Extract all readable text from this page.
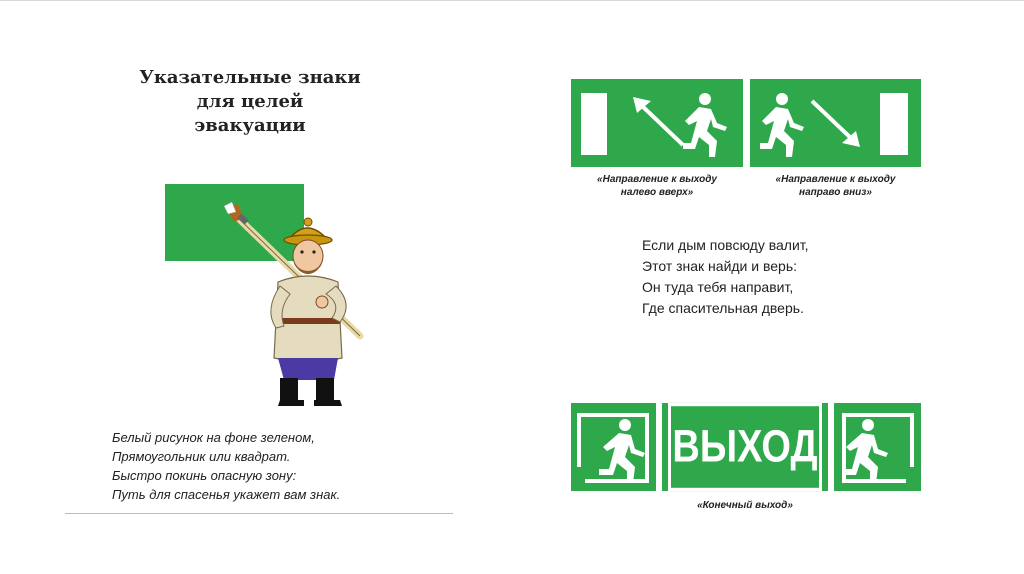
Указательные знаки
для целей
эвакуации
Белый рисунок на фоне зеленом,
Прямоугольник или квадрат.
Быстро покинь опасную зону:
Путь для спасенья укажет вам знак.
«Направление к выходу
налево вверх»
«Направление к выходу
направо вниз»
Если дым повсюду валит,
Этот знак найди и верь:
Он туда тебя направит,
Где спасительная дверь.
ВЫХОД
«Конечный выход»
